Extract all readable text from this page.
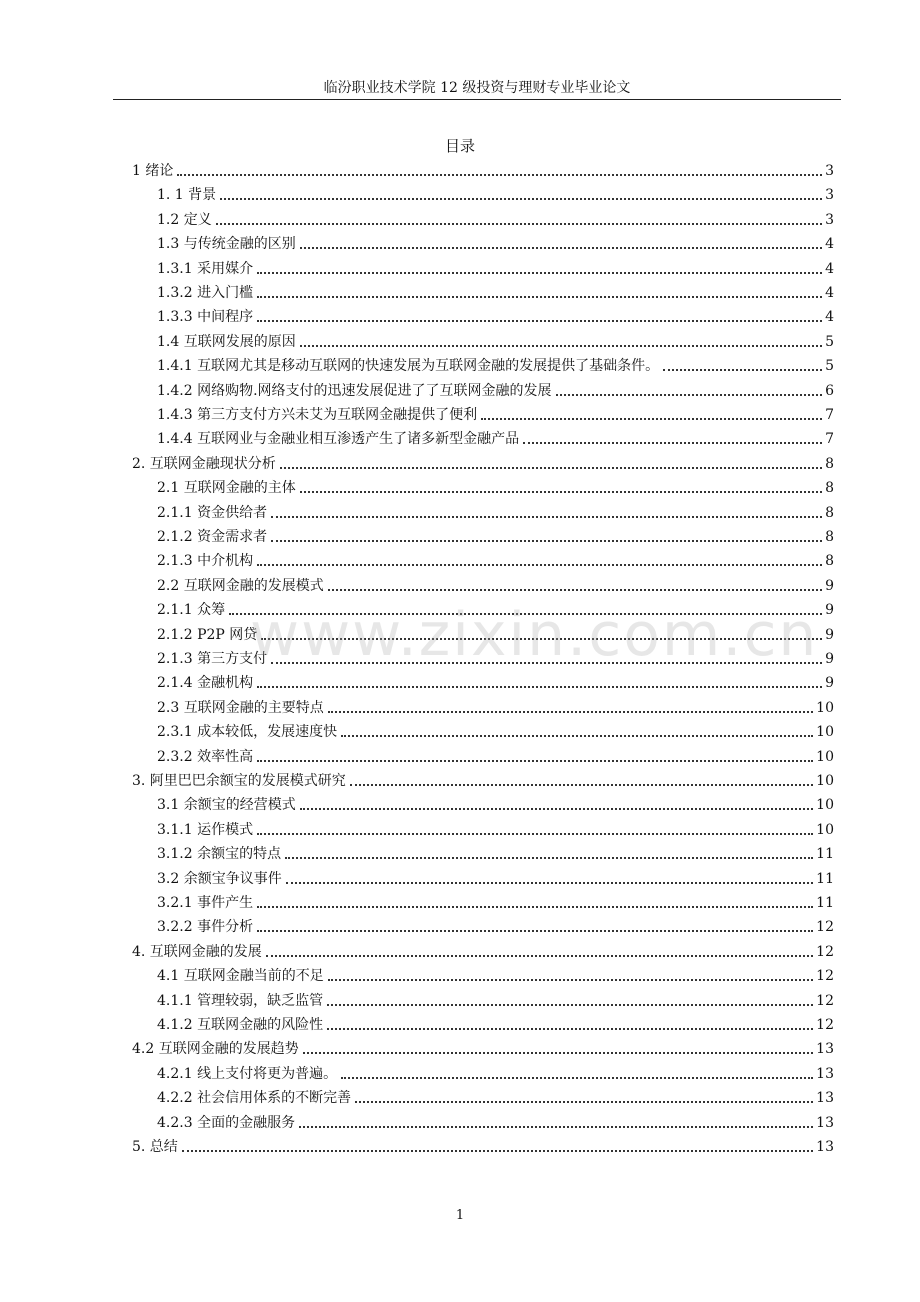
临汾职业技术学院 12 级投资与理财专业毕业论文
目录
1 绪论	3
1. 1 背景	3
1.2 定义	3
1.3 与传统金融的区别	4
1.3.1 采用媒介	4
1.3.2 进入门槛	4
1.3.3 中间程序	4
1.4 互联网发展的原因	5
1.4.1 互联网尤其是移动互联网的快速发展为互联网金融的发展提供了基础条件。	5
1.4.2 网络购物.网络支付的迅速发展促进了了互联网金融的发展	6
1.4.3 第三方支付方兴未艾为互联网金融提供了便利	7
1.4.4 互联网业与金融业相互渗透产生了诸多新型金融产品	7
2. 互联网金融现状分析	8
2.1 互联网金融的主体	8
2.1.1 资金供给者	8
2.1.2 资金需求者	8
2.1.3 中介机构	8
2.2 互联网金融的发展模式	9
2.1.1 众筹	9
2.1.2 P2P 网贷	9
2.1.3 第三方支付	9
2.1.4 金融机构	9
2.3 互联网金融的主要特点	10
2.3.1 成本较低，发展速度快	10
2.3.2 效率性高	10
3. 阿里巴巴余额宝的发展模式研究	10
3.1 余额宝的经营模式	10
3.1.1 运作模式	10
3.1.2 余额宝的特点	11
3.2 余额宝争议事件	11
3.2.1 事件产生	11
3.2.2 事件分析	12
4. 互联网金融的发展	12
4.1 互联网金融当前的不足	12
4.1.1 管理较弱，缺乏监管	12
4.1.2 互联网金融的风险性	12
4.2 互联网金融的发展趋势	13
4.2.1 线上支付将更为普遍。	13
4.2.2 社会信用体系的不断完善	13
4.2.3 全面的金融服务	13
5. 总结	13
www.zixin.com.cn
1
